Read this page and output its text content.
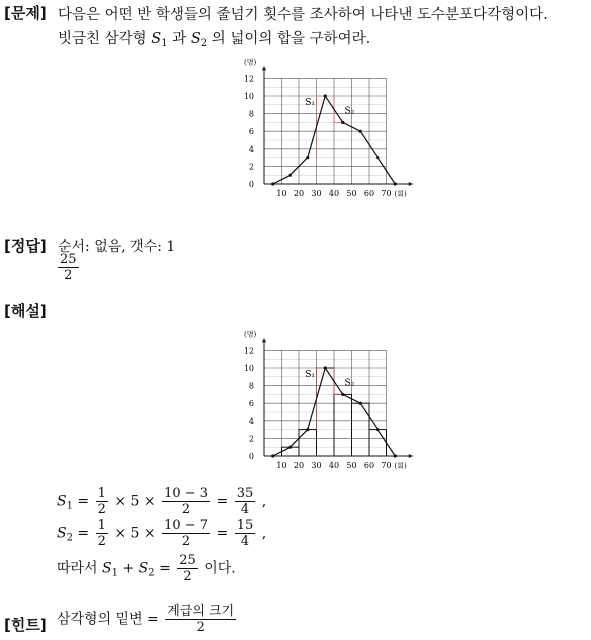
[문제] 다음은 어떤 반 학생들의 줄넘기 횟수를 조사하여 나타낸 도수분포다각형이다.
빗금친 삼각형 $S_1$ 과 $S_2$ 의 넓이의 합을 구하여라.
0
2
4
6
8
10
12
10 20 30 40 50 60 70
(명)
(회)
S₁
S₂
[정답] 순서: 없음, 갯수: 1
$\frac{25}{2}$
[해설]
0
2
4
6
8
10
12
10 20 30 40 50 60 70
(명)
(회)
S₁
S₂
$S_1 = \frac{1}{2} \times 5 \times \frac{10 - 3}{2} = \frac{35}{4}$ ,
$S_2 = \frac{1}{2} \times 5 \times \frac{10 - 7}{2} = \frac{15}{4}$ ,
따라서 $S_1 + S_2 = \frac{25}{2}$ 이다.
[힌트] 삼각형의 밑변 = $\frac{\text{계급의 크기}}{2}$
